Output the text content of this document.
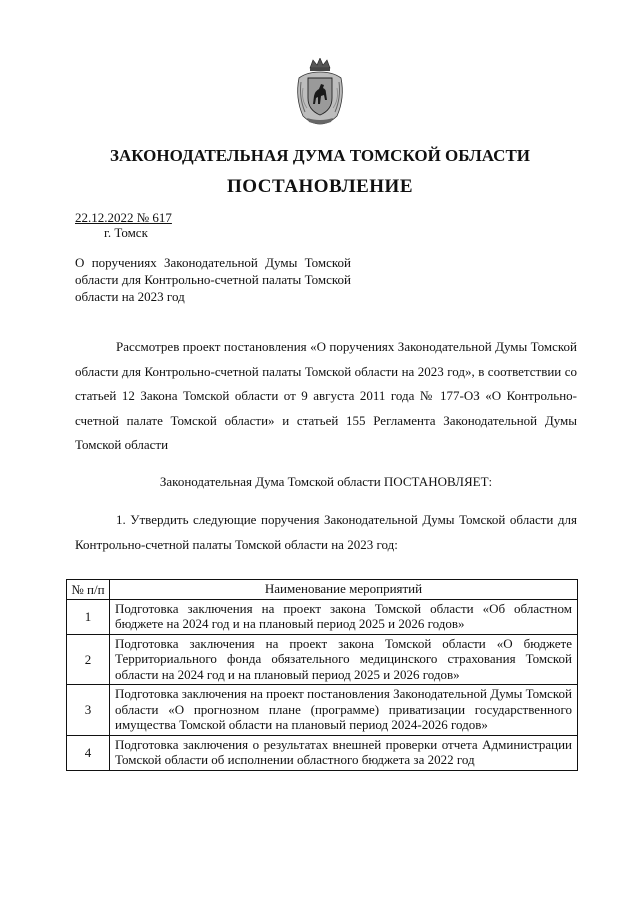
ЗАКОНОДАТЕЛЬНАЯ ДУМА ТОМСКОЙ ОБЛАСТИ
ПОСТАНОВЛЕНИЕ
22.12.2022 № 617
г. Томск
О поручениях Законодательной Думы Томской области для Контрольно-счетной палаты Томской области на 2023 год

Рассмотрев проект постановления «О поручениях Законодательной Думы Томской области для Контрольно-счетной палаты Томской области на 2023 год», в соответствии со статьей 12 Закона Томской области от 9 августа 2011 года № 177-ОЗ «О Контрольно-счетной палате Томской области» и статьей 155 Регламента Законодательной Думы Томской области

Законодательная Дума Томской области ПОСТАНОВЛЯЕТ:

1. Утвердить следующие поручения Законодательной Думы Томской области для Контрольно-счетной палаты Томской области на 2023 год:

№ п/п	Наименование мероприятий
1	Подготовка заключения на проект закона Томской области «Об областном бюджете на 2024 год и на плановый период 2025 и 2026 годов»
2	Подготовка заключения на проект закона Томской области «О бюджете Территориального фонда обязательного медицинского страхования Томской области на 2024 год и на плановый период 2025 и 2026 годов»
3	Подготовка заключения на проект постановления Законодательной Думы Томской области «О прогнозном плане (программе) приватизации государственного имущества Томской области на плановый период 2024-2026 годов»
4	Подготовка заключения о результатах внешней проверки отчета Администрации Томской области об исполнении областного бюджета за 2022 год
